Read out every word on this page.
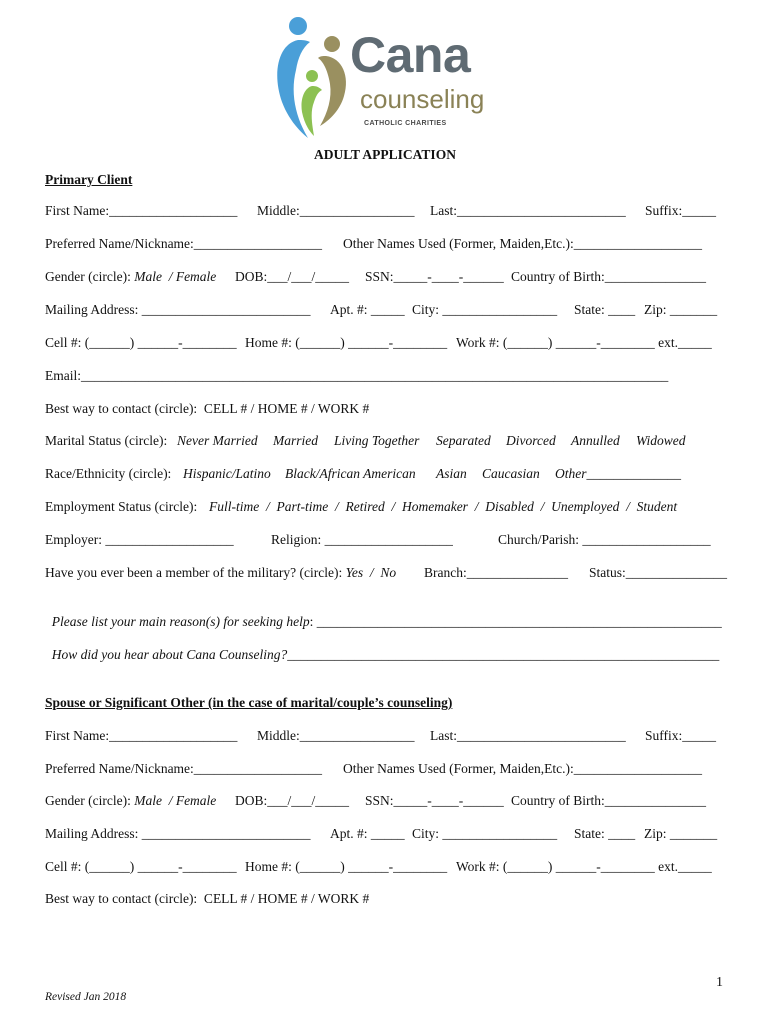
Cana
counseling
CATHOLIC CHARITIES
ADULT APPLICATION
Primary Client

First Name:___________________

Middle:_________________

Last:_________________________

Suffix:_____

Preferred Name/Nickname:___________________

Other Names Used (Former, Maiden,Etc.):___________________

Gender (circle): Male  / Female

DOB:___/___/_____

SSN:_____-____-______

Country of Birth:_______________

Mailing Address: _________________________

Apt. #: _____

City: _________________

State: ____

Zip: _______

Cell #: (______) ______-________

Home #: (______) ______-________

Work #: (______) ______-________ ext._____

Email:_______________________________________________________________________________________
Best way to contact (circle):  CELL # / HOME # / WORK #

Marital Status (circle):

Never Married

Married

Living Together

Separated

Divorced

Annulled

Widowed

Race/Ethnicity (circle):

Hispanic/Latino

Black/African American

Asian

Caucasian

Other______________

Employment Status (circle):

Full-time  /  Part-time  /  Retired  /  Homemaker  /  Disabled  /  Unemployed  /  Student

Employer: ___________________

	Religion: ___________________

	Church/Parish: ___________________

Have you ever been a member of the military? (circle): Yes  /  No

Branch:_______________

Status:_______________

Please list your main reason(s) for seeking help: ____________________________________________________________

How did you hear about Cana Counseling?________________________________________________________________

Spouse or Significant Other (in the case of marital/couple’s counseling)

First Name:___________________

Middle:_________________

Last:_________________________

Suffix:_____

Preferred Name/Nickname:___________________

Other Names Used (Former, Maiden,Etc.):___________________

Gender (circle): Male  / Female

DOB:___/___/_____

SSN:_____-____-______

Country of Birth:_______________

Mailing Address: _________________________

Apt. #: _____

City: _________________

State: ____

Zip: _______

Cell #: (______) ______-________

Home #: (______) ______-________

Work #: (______) ______-________ ext._____

Best way to contact (circle):  CELL # / HOME # / WORK #
1
Revised Jan 2018
